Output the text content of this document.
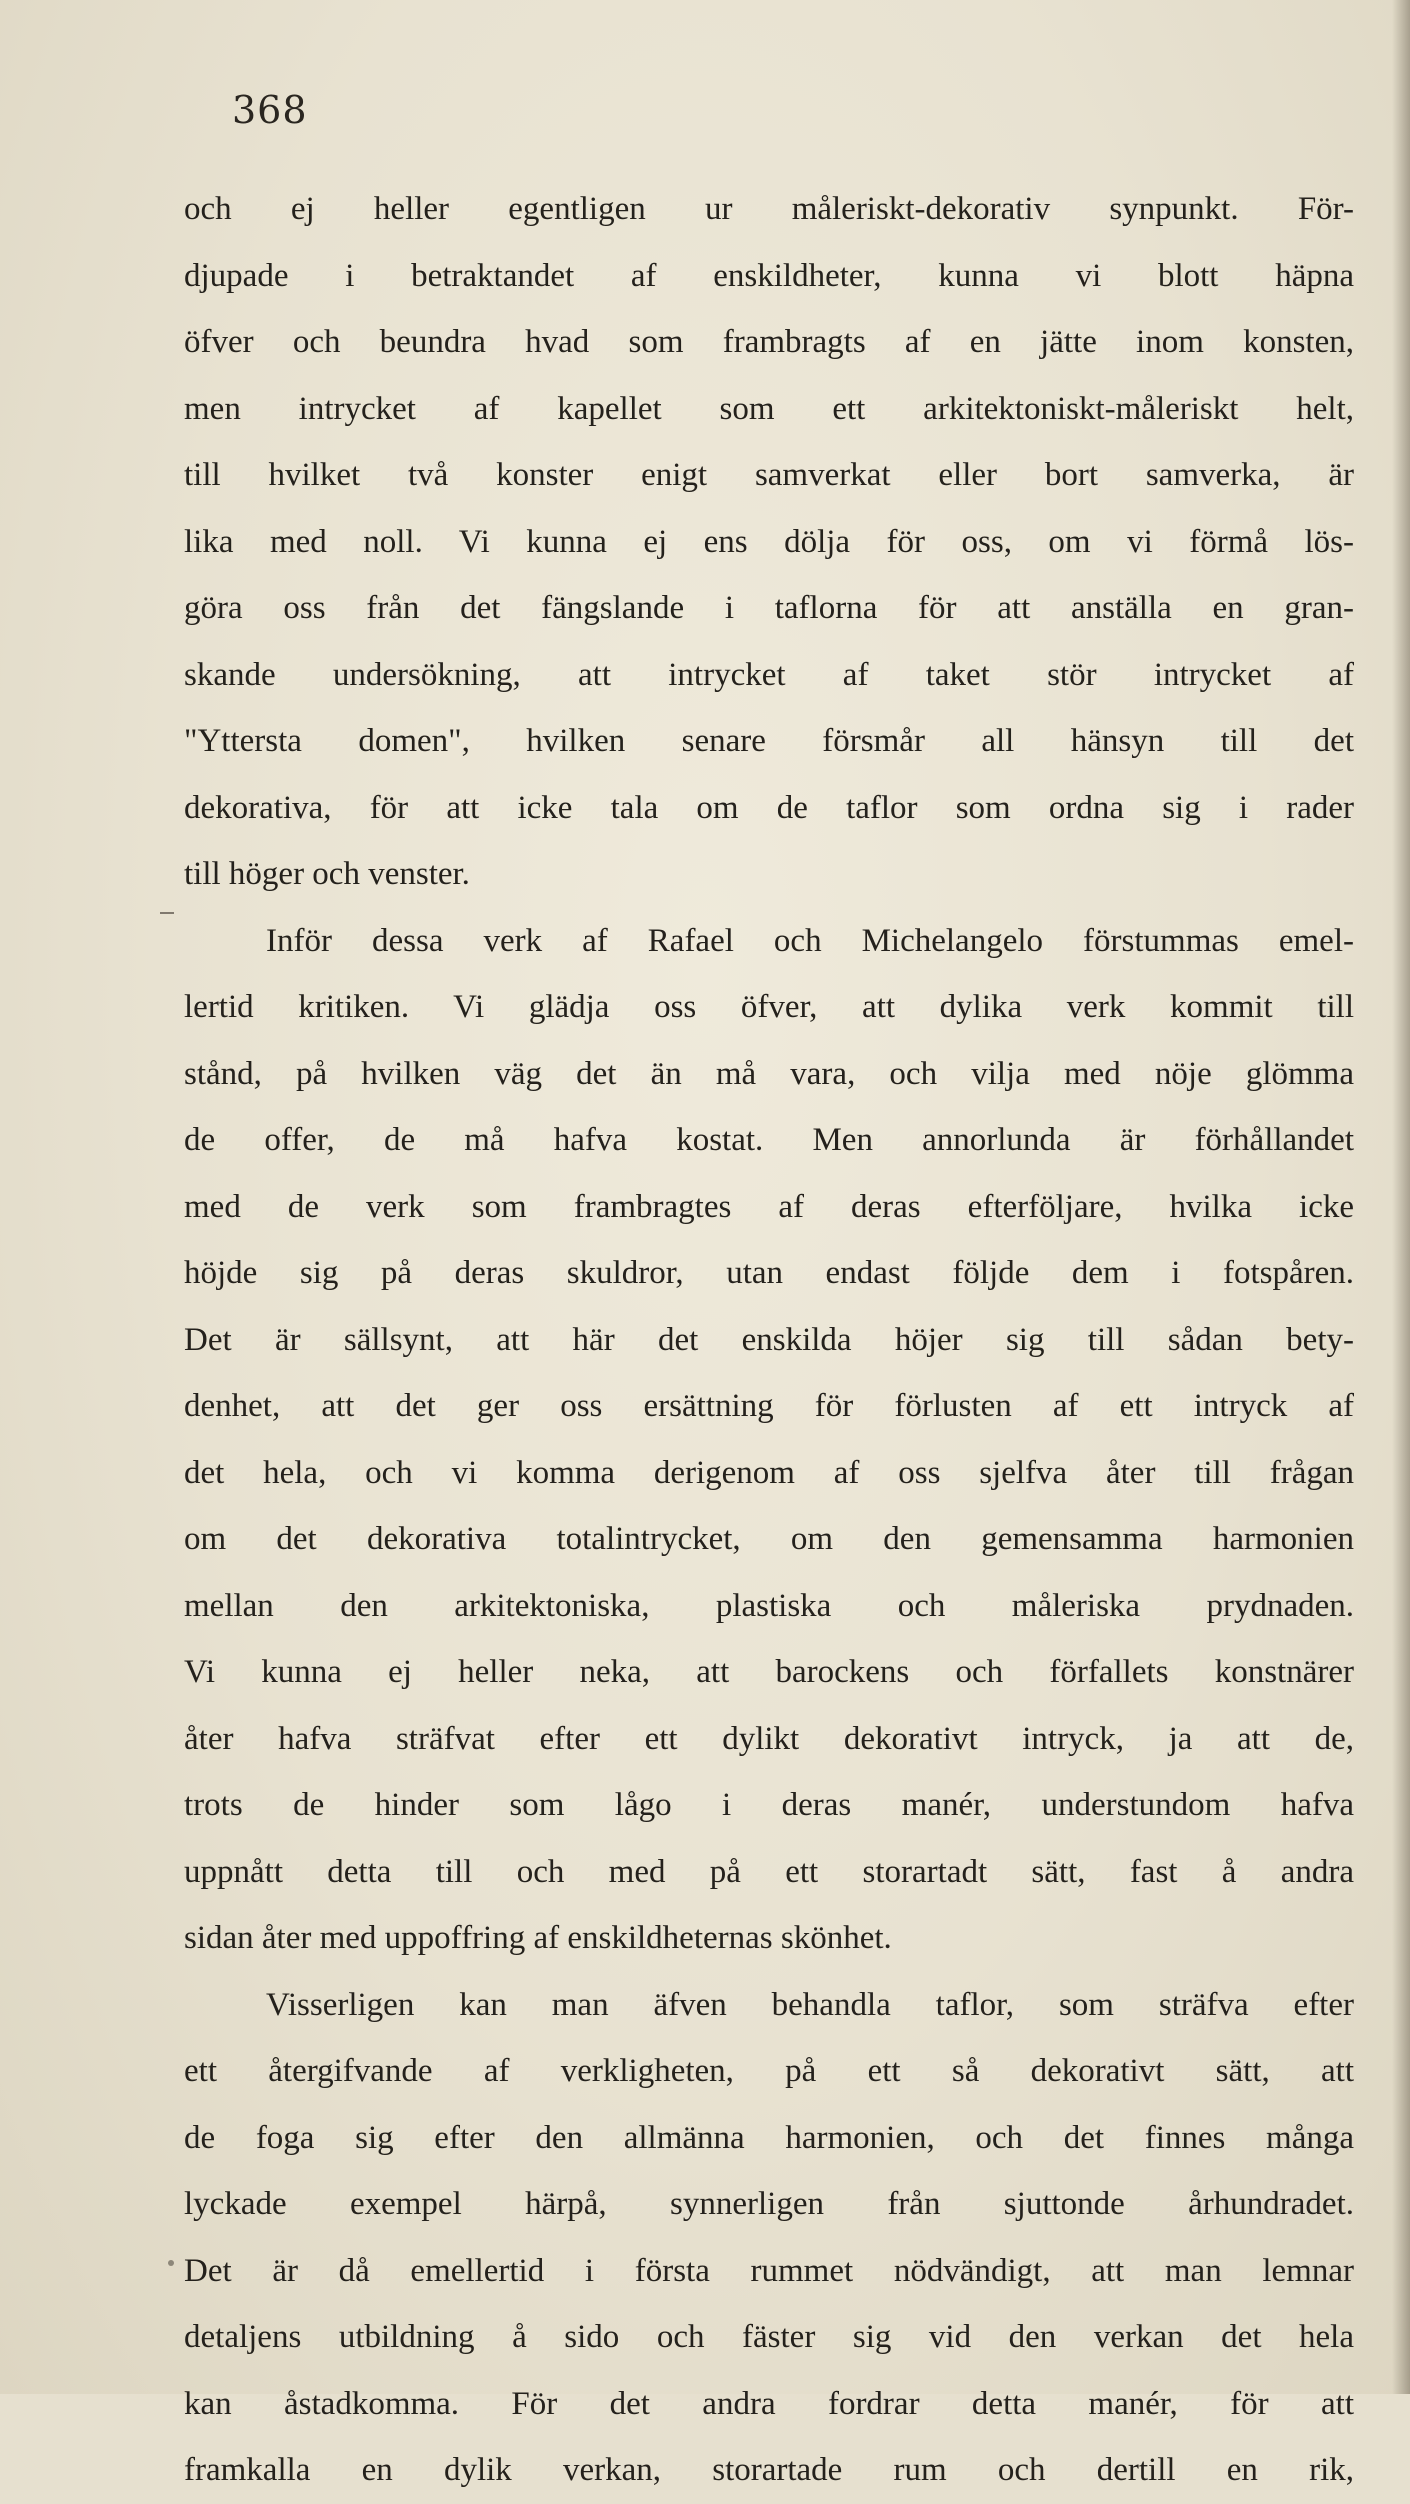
368
och ej heller egentligen ur måleriskt-dekorativ synpunkt. För-
djupade i betraktandet af enskildheter, kunna vi blott häpna
öfver och beundra hvad som frambragts af en jätte inom konsten,
men intrycket af kapellet som ett arkitektoniskt-måleriskt helt,
till hvilket två konster enigt samverkat eller bort samverka, är
lika med noll. Vi kunna ej ens dölja för oss, om vi förmå lös-
göra oss från det fängslande i taflorna för att anställa en gran-
skande undersökning, att intrycket af taket stör intrycket af
"Yttersta domen", hvilken senare försmår all hänsyn till det
dekorativa, för att icke tala om de taflor som ordna sig i rader
till höger och venster.
Inför dessa verk af Rafael och Michelangelo förstummas emel-
lertid kritiken. Vi glädja oss öfver, att dylika verk kommit till
stånd, på hvilken väg det än må vara, och vilja med nöje glömma
de offer, de må hafva kostat. Men annorlunda är förhållandet
med de verk som frambragtes af deras efterföljare, hvilka icke
höjde sig på deras skuldror, utan endast följde dem i fotspåren.
Det är sällsynt, att här det enskilda höjer sig till sådan bety-
denhet, att det ger oss ersättning för förlusten af ett intryck af
det hela, och vi komma derigenom af oss sjelfva åter till frågan
om det dekorativa totalintrycket, om den gemensamma harmonien
mellan den arkitektoniska, plastiska och måleriska prydnaden.
Vi kunna ej heller neka, att barockens och förfallets konstnärer
åter hafva sträfvat efter ett dylikt dekorativt intryck, ja att de,
trots de hinder som lågo i deras manér, understundom hafva
uppnått detta till och med på ett storartadt sätt, fast å andra
sidan åter med uppoffring af enskildheternas skönhet.
Visserligen kan man äfven behandla taflor, som sträfva efter
ett återgifvande af verkligheten, på ett så dekorativt sätt, att
de foga sig efter den allmänna harmonien, och det finnes många
lyckade exempel härpå, synnerligen från sjuttonde århundradet.
Det är då emellertid i första rummet nödvändigt, att man lemnar
detaljens utbildning å sido och fäster sig vid den verkan det hela
kan åstadkomma. För det andra fordrar detta manér, för att
framkalla en dylik verkan, storartade rum och dertill en rik,
